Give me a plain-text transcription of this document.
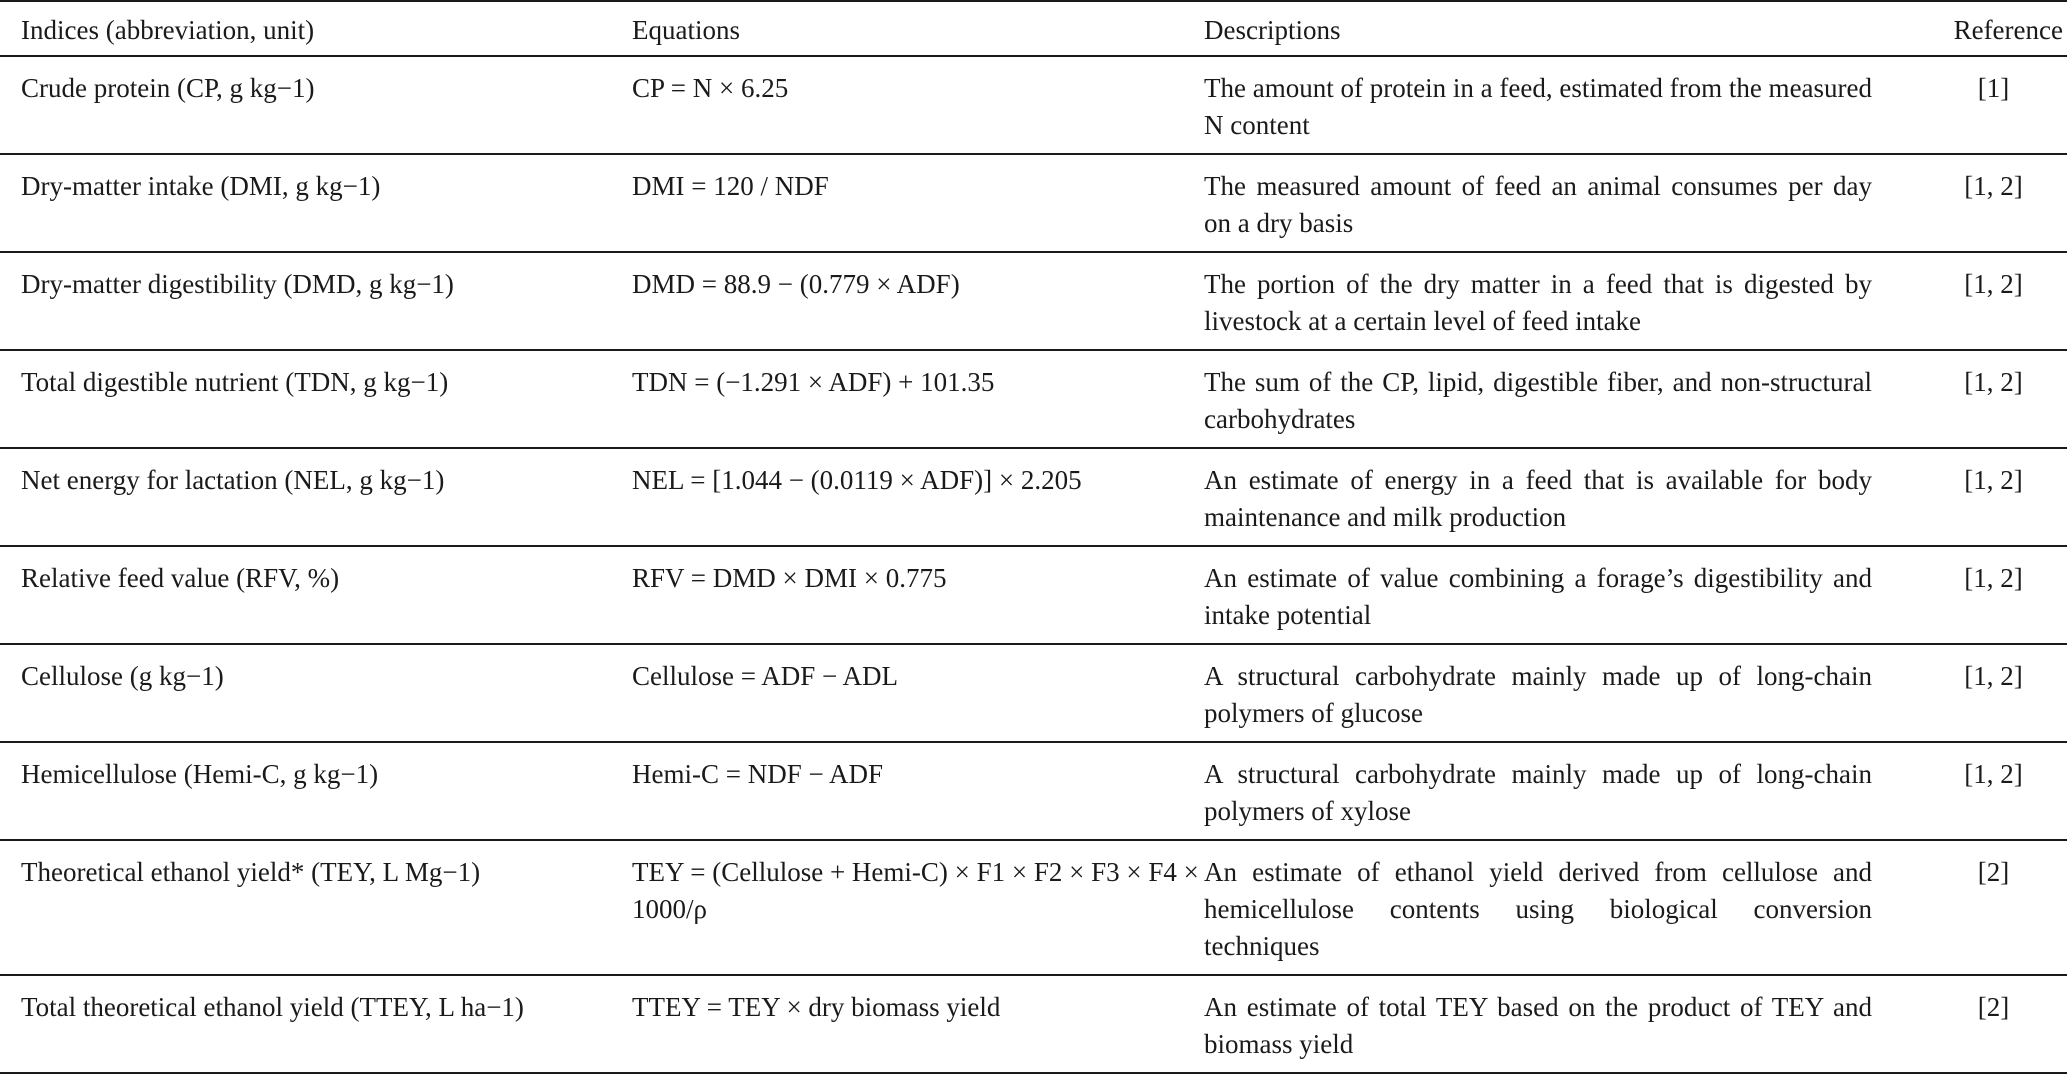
Indices (abbreviation, unit)	Equations	Descriptions	Reference
Crude protein (CP, g kg−1)	CP = N × 6.25	The amount of protein in a feed, estimated from the measured N content	[1]
Dry-matter intake (DMI, g kg−1)	DMI = 120 / NDF	The measured amount of feed an animal consumes per day on a dry basis	[1, 2]
Dry-matter digestibility (DMD, g kg−1)	DMD = 88.9 − (0.779 × ADF)	The portion of the dry matter in a feed that is digested by livestock at a certain level of feed intake	[1, 2]
Total digestible nutrient (TDN, g kg−1)	TDN = (−1.291 × ADF) + 101.35	The sum of the CP, lipid, digestible fiber, and non-structural carbohydrates	[1, 2]
Net energy for lactation (NEL, g kg−1)	NEL = [1.044 − (0.0119 × ADF)] × 2.205	An estimate of energy in a feed that is available for body maintenance and milk production	[1, 2]
Relative feed value (RFV, %)	RFV = DMD × DMI × 0.775	An estimate of value combining a forage’s digestibility and intake potential	[1, 2]
Cellulose (g kg−1)	Cellulose = ADF − ADL	A structural carbohydrate mainly made up of long-chain polymers of glucose	[1, 2]
Hemicellulose (Hemi-C, g kg−1)	Hemi-C = NDF − ADF	A structural carbohydrate mainly made up of long-chain polymers of xylose	[1, 2]
Theoretical ethanol yield* (TEY, L Mg−1)	TEY = (Cellulose + Hemi-C) × F1 × F2 × F3 × F4 × 1000/ρ	An estimate of ethanol yield derived from cellulose and hemicellulose contents using biological conversion techniques	[2]
Total theoretical ethanol yield (TTEY, L ha−1)	TTEY = TEY × dry biomass yield	An estimate of total TEY based on the product of TEY and biomass yield	[2]
